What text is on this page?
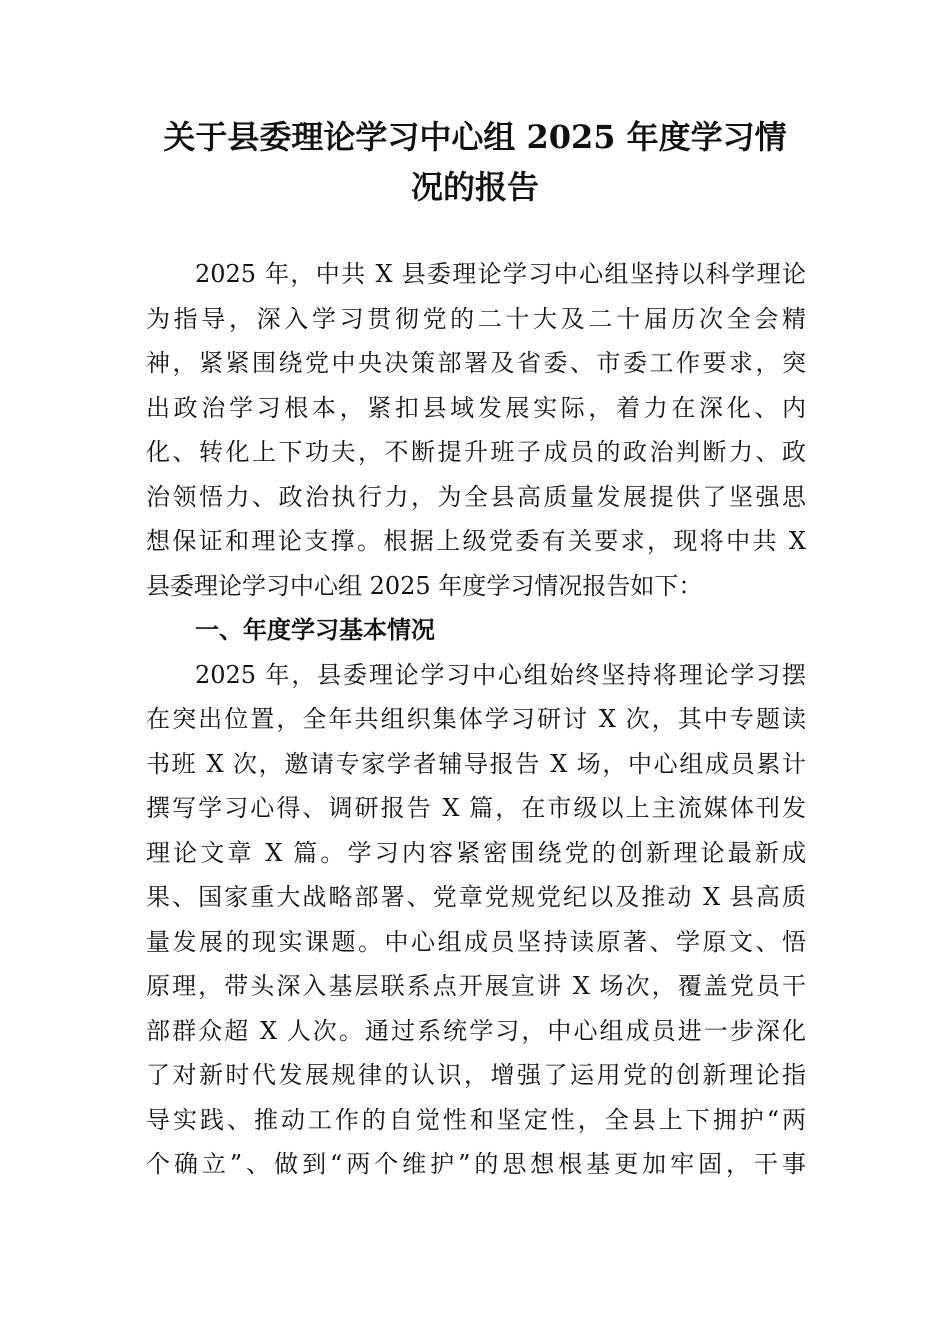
关于县委理论学习中心组 2025 年度学习情
况的报告

2025 年，中共 X 县委理论学习中心组坚持以科学理论
为指导，深入学习贯彻党的二十大及二十届历次全会精
神，紧紧围绕党中央决策部署及省委、市委工作要求，突
出政治学习根本，紧扣县域发展实际，着力在深化、内
化、转化上下功夫，不断提升班子成员的政治判断力、政
治领悟力、政治执行力，为全县高质量发展提供了坚强思
想保证和理论支撑。根据上级党委有关要求，现将中共 X
县委理论学习中心组 2025 年度学习情况报告如下：

一、年度学习基本情况

2025 年，县委理论学习中心组始终坚持将理论学习摆
在突出位置，全年共组织集体学习研讨 X 次，其中专题读
书班 X 次，邀请专家学者辅导报告 X 场，中心组成员累计
撰写学习心得、调研报告 X 篇，在市级以上主流媒体刊发
理论文章 X 篇。学习内容紧密围绕党的创新理论最新成
果、国家重大战略部署、党章党规党纪以及推动 X 县高质
量发展的现实课题。中心组成员坚持读原著、学原文、悟
原理，带头深入基层联系点开展宣讲 X 场次，覆盖党员干
部群众超 X 人次。通过系统学习，中心组成员进一步深化
了对新时代发展规律的认识，增强了运用党的创新理论指
导实践、推动工作的自觉性和坚定性，全县上下拥护“两
个确立”、做到“两个维护”的思想根基更加牢固，干事
